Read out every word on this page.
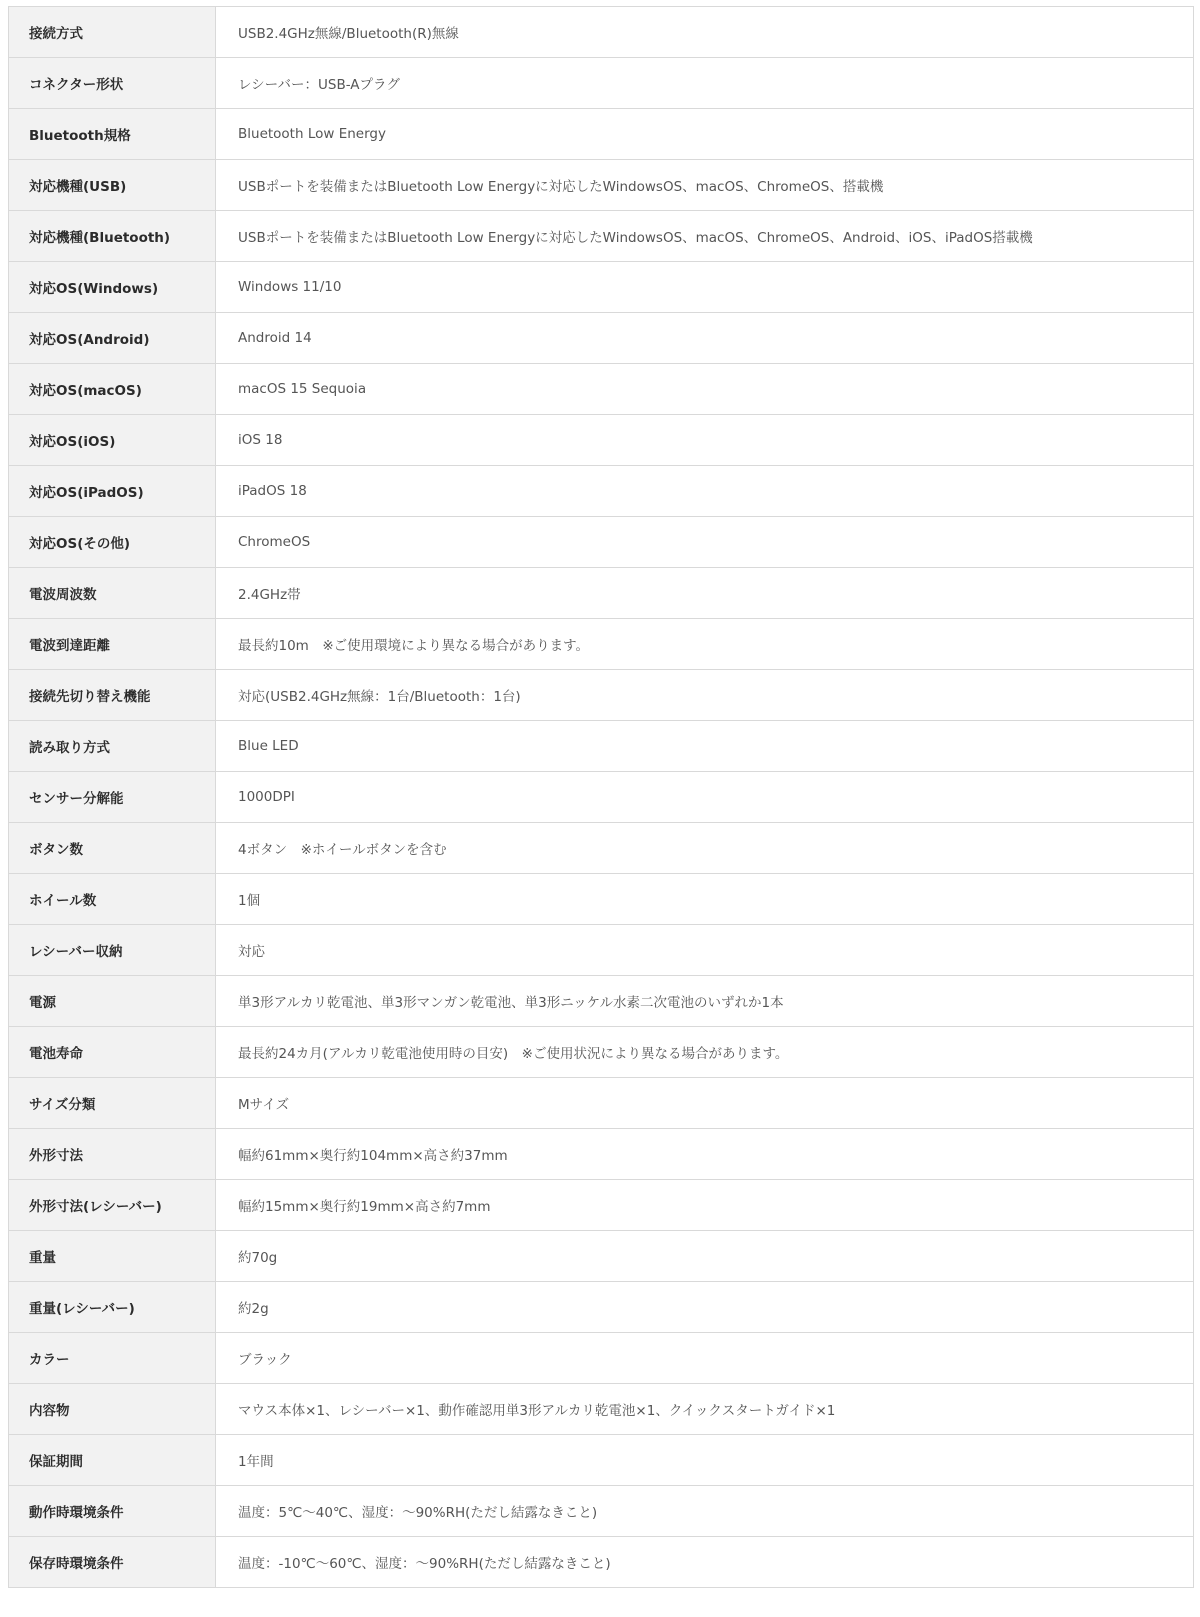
接続方式	USB2.4GHz無線/Bluetooth(R)無線
コネクター形状	レシーバー：USB-Aプラグ
Bluetooth規格	Bluetooth Low Energy
対応機種(USB)	USBポートを装備またはBluetooth Low Energyに対応したWindowsOS、macOS、ChromeOS、搭載機
対応機種(Bluetooth)	USBポートを装備またはBluetooth Low Energyに対応したWindowsOS、macOS、ChromeOS、Android、iOS、iPadOS搭載機
対応OS(Windows)	Windows 11/10
対応OS(Android)	Android 14
対応OS(macOS)	macOS 15 Sequoia
対応OS(iOS)	iOS 18
対応OS(iPadOS)	iPadOS 18
対応OS(その他)	ChromeOS
電波周波数	2.4GHz帯
電波到達距離	最長約10m　※ご使用環境により異なる場合があります。
接続先切り替え機能	対応(USB2.4GHz無線：1台/Bluetooth：1台)
読み取り方式	Blue LED
センサー分解能	1000DPI
ボタン数	4ボタン　※ホイールボタンを含む
ホイール数	1個
レシーバー収納	対応
電源	単3形アルカリ乾電池、単3形マンガン乾電池、単3形ニッケル水素二次電池のいずれか1本
電池寿命	最長約24カ月(アルカリ乾電池使用時の目安)　※ご使用状況により異なる場合があります。
サイズ分類	Mサイズ
外形寸法	幅約61mm×奥行約104mm×高さ約37mm
外形寸法(レシーバー)	幅約15mm×奥行約19mm×高さ約7mm
重量	約70g
重量(レシーバー)	約2g
カラー	ブラック
内容物	マウス本体×1、レシーバー×1、動作確認用単3形アルカリ乾電池×1、クイックスタートガイド×1
保証期間	1年間
動作時環境条件	温度：5℃〜40℃、湿度：〜90%RH(ただし結露なきこと)
保存時環境条件	温度：-10℃〜60℃、湿度：〜90%RH(ただし結露なきこと)
